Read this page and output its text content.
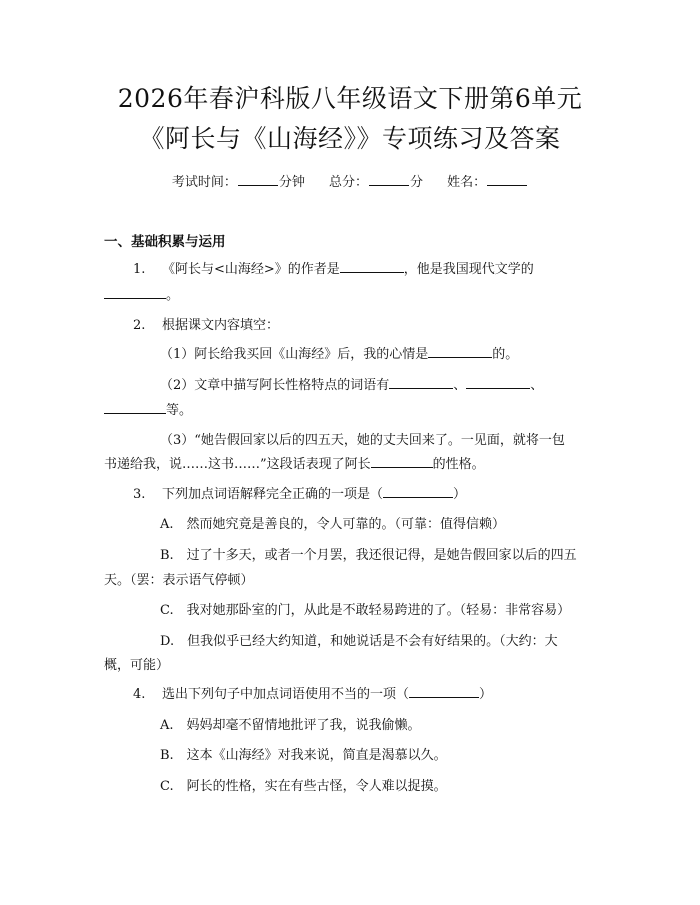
2026年春沪科版八年级语文下册第6单元
《阿长与《山海经》》专项练习及答案
考试时间：	分钟 总分：	分 姓名：
一、基础积累与运用
1. 《阿长与<山海经>》的作者是	，他是我国现代文学的
。
2. 根据课文内容填空：
（1）阿长给我买回《山海经》后，我的心情是	的。
（2）文章中描写阿长性格特点的词语有	、	、
等。
（3）“她告假回家以后的四五天，她的丈夫回来了。一见面，就将一包
书递给我，说……这书……”这段话表现了阿长	的性格。
3. 下列加点词语解释完全正确的一项是（	）
A.　然而她究竟是善良的，令人可靠的。（可靠：值得信赖）
B.　过了十多天，或者一个月罢，我还很记得，是她告假回家以后的四五
天。（罢：表示语气停顿）
C.　我对她那卧室的门，从此是不敢轻易跨进的了。（轻易：非常容易）
D.　但我似乎已经大约知道，和她说话是不会有好结果的。（大约：大
概，可能）
4. 选出下列句子中加点词语使用不当的一项（	）
A.　妈妈却毫不留情地批评了我，说我偷懒。
B.　这本《山海经》对我来说，简直是渴慕以久。
C.　阿长的性格，实在有些古怪，令人难以捉摸。
